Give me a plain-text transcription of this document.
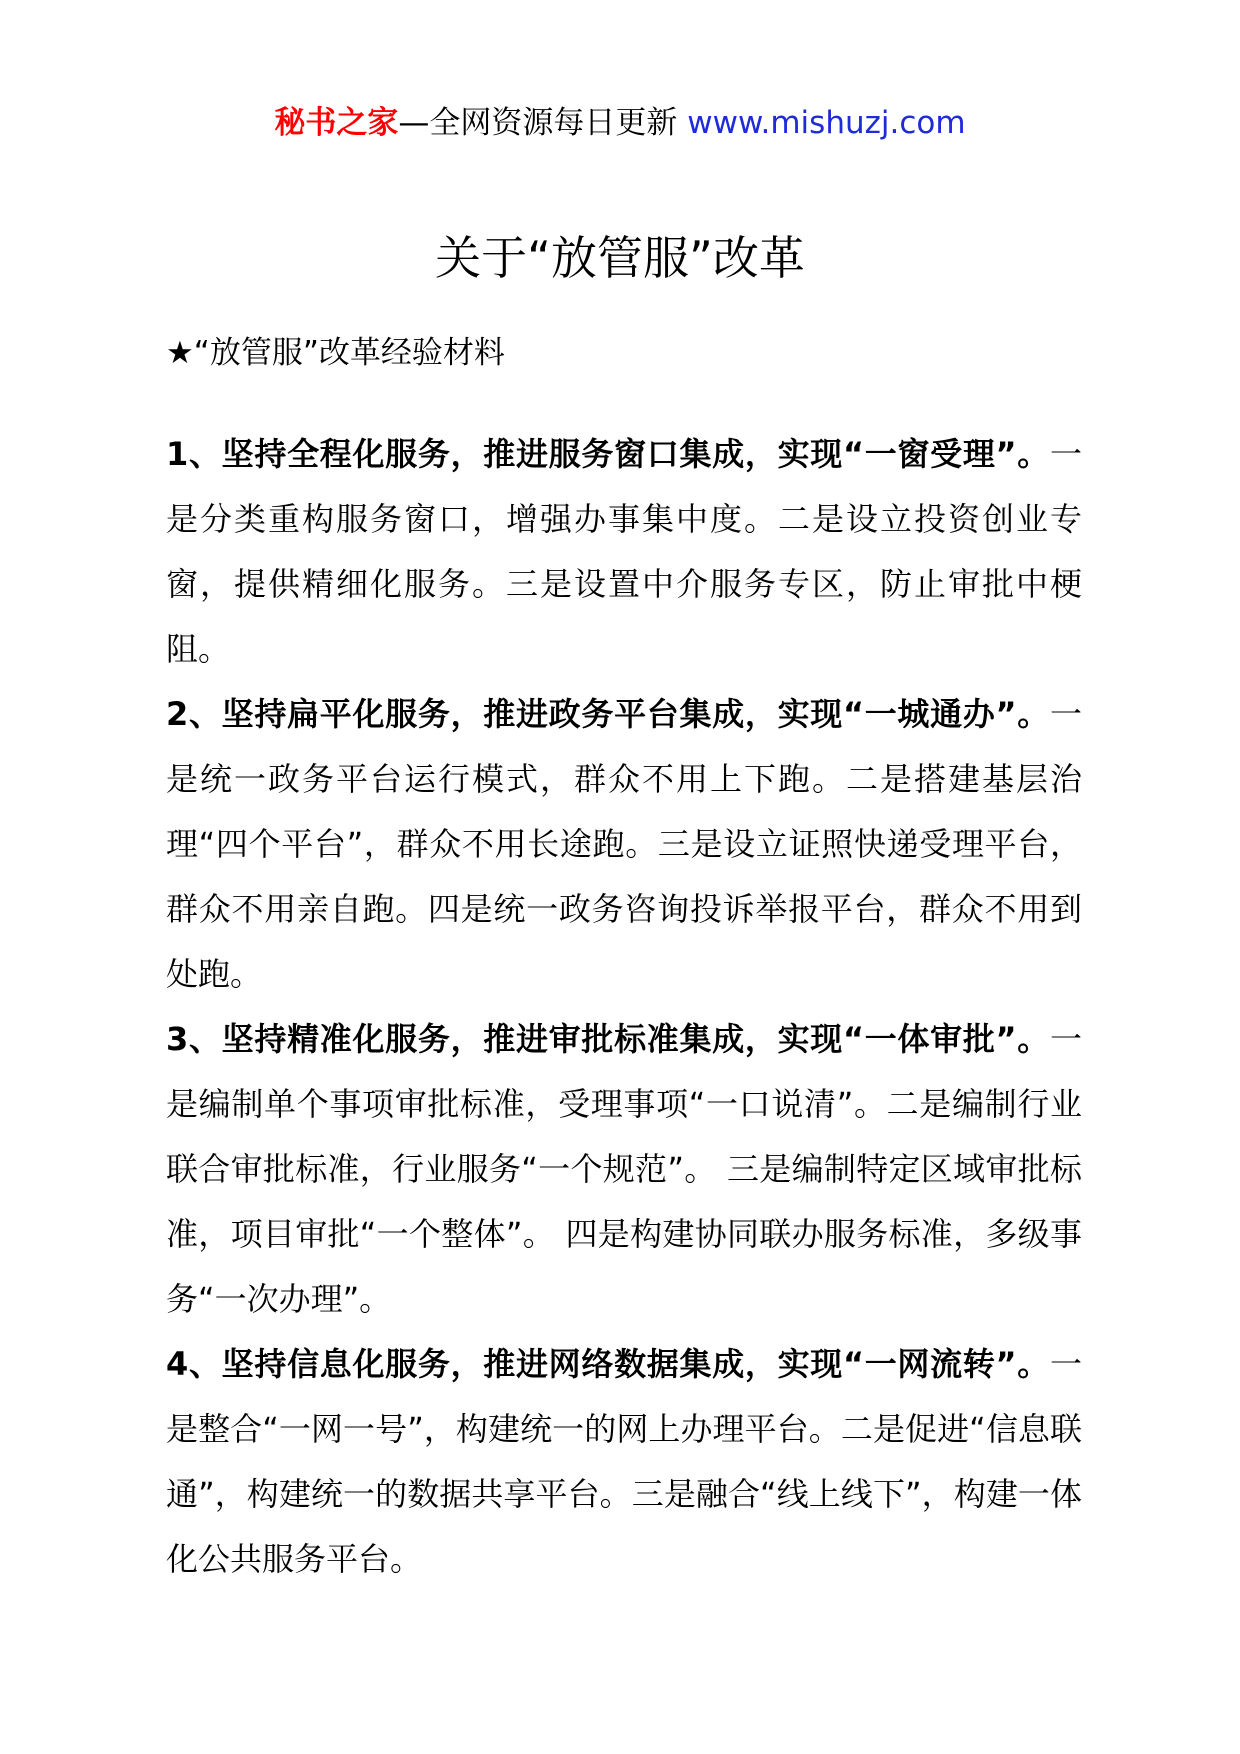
秘书之家—全网资源每日更新 www.mishuzj.com
关于“放管服”改革
★“放管服”改革经验材料

1、坚持全程化服务，推进服务窗口集成，实现“一窗受理”。一是分类重构服务窗口，增强办事集中度。二是设立投资创业专窗，提供精细化服务。三是设置中介服务专区，防止审批中梗阻。

2、坚持扁平化服务，推进政务平台集成，实现“一城通办”。一是统一政务平台运行模式，群众不用上下跑。二是搭建基层治理“四个平台”，群众不用长途跑。三是设立证照快递受理平台，群众不用亲自跑。四是统一政务咨询投诉举报平台，群众不用到处跑。

3、坚持精准化服务，推进审批标准集成，实现“一体审批”。一是编制单个事项审批标准，受理事项“一口说清”。二是编制行业联合审批标准，行业服务“一个规范”。 三是编制特定区域审批标准，项目审批“一个整体”。 四是构建协同联办服务标准，多级事务“一次办理”。

4、坚持信息化服务，推进网络数据集成，实现“一网流转”。一是整合“一网一号”，构建统一的网上办理平台。二是促进“信息联通”，构建统一的数据共享平台。三是融合“线上线下”，构建一体化公共服务平台。
